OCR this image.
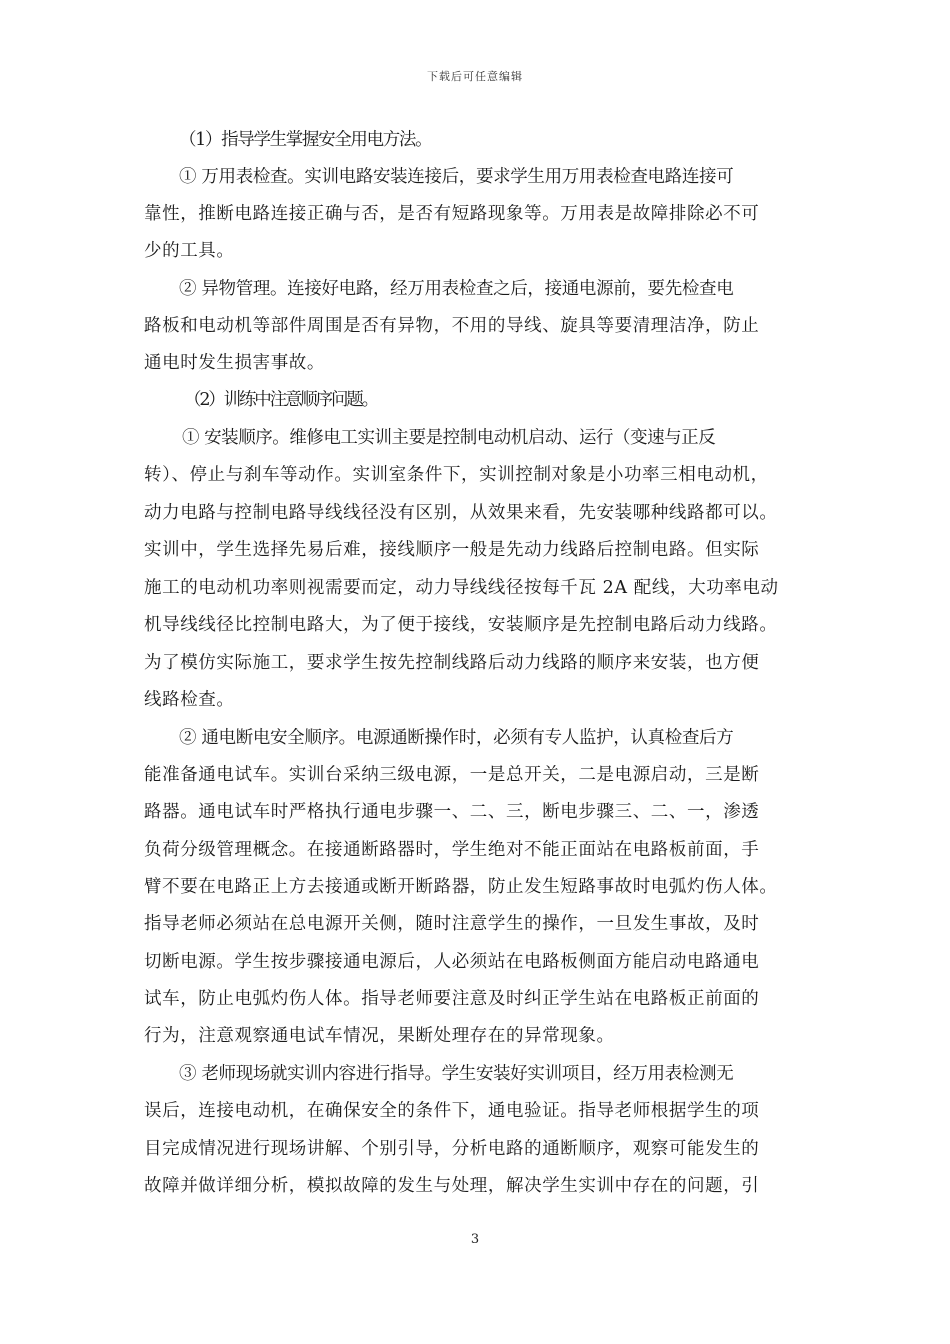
下载后可任意编辑
（1）指导学生掌握安全用电方法。
① 万用表检查。实训电路安装连接后，要求学生用万用表检查电路连接可
靠性，推断电路连接正确与否，是否有短路现象等。万用表是故障排除必不可
少的工具。
② 异物管理。连接好电路，经万用表检查之后，接通电源前，要先检查电
路板和电动机等部件周围是否有异物，不用的导线、旋具等要清理洁净，防止
通电时发生损害事故。
（2）训练中注意顺序问题。
① 安装顺序。维修电工实训主要是控制电动机启动、运行（变速与正反
转）、停止与刹车等动作。实训室条件下，实训控制对象是小功率三相电动机，
动力电路与控制电路导线线径没有区别，从效果来看，先安装哪种线路都可以。
实训中，学生选择先易后难，接线顺序一般是先动力线路后控制电路。但实际
施工的电动机功率则视需要而定，动力导线线径按每千瓦 2A 配线，大功率电动
机导线线径比控制电路大，为了便于接线，安装顺序是先控制电路后动力线路。
为了模仿实际施工，要求学生按先控制线路后动力线路的顺序来安装，也方便
线路检查。
② 通电断电安全顺序。电源通断操作时，必须有专人监护，认真检查后方
能准备通电试车。实训台采纳三级电源，一是总开关，二是电源启动，三是断
路器。通电试车时严格执行通电步骤一、二、三，断电步骤三、二、一，渗透
负荷分级管理概念。在接通断路器时，学生绝对不能正面站在电路板前面，手
臂不要在电路正上方去接通或断开断路器，防止发生短路事故时电弧灼伤人体。
指导老师必须站在总电源开关侧，随时注意学生的操作，一旦发生事故，及时
切断电源。学生按步骤接通电源后，人必须站在电路板侧面方能启动电路通电
试车，防止电弧灼伤人体。指导老师要注意及时纠正学生站在电路板正前面的
行为，注意观察通电试车情况，果断处理存在的异常现象。
③ 老师现场就实训内容进行指导。学生安装好实训项目，经万用表检测无
误后，连接电动机，在确保安全的条件下，通电验证。指导老师根据学生的项
目完成情况进行现场讲解、个别引导，分析电路的通断顺序，观察可能发生的
故障并做详细分析，模拟故障的发生与处理，解决学生实训中存在的问题，引
3
